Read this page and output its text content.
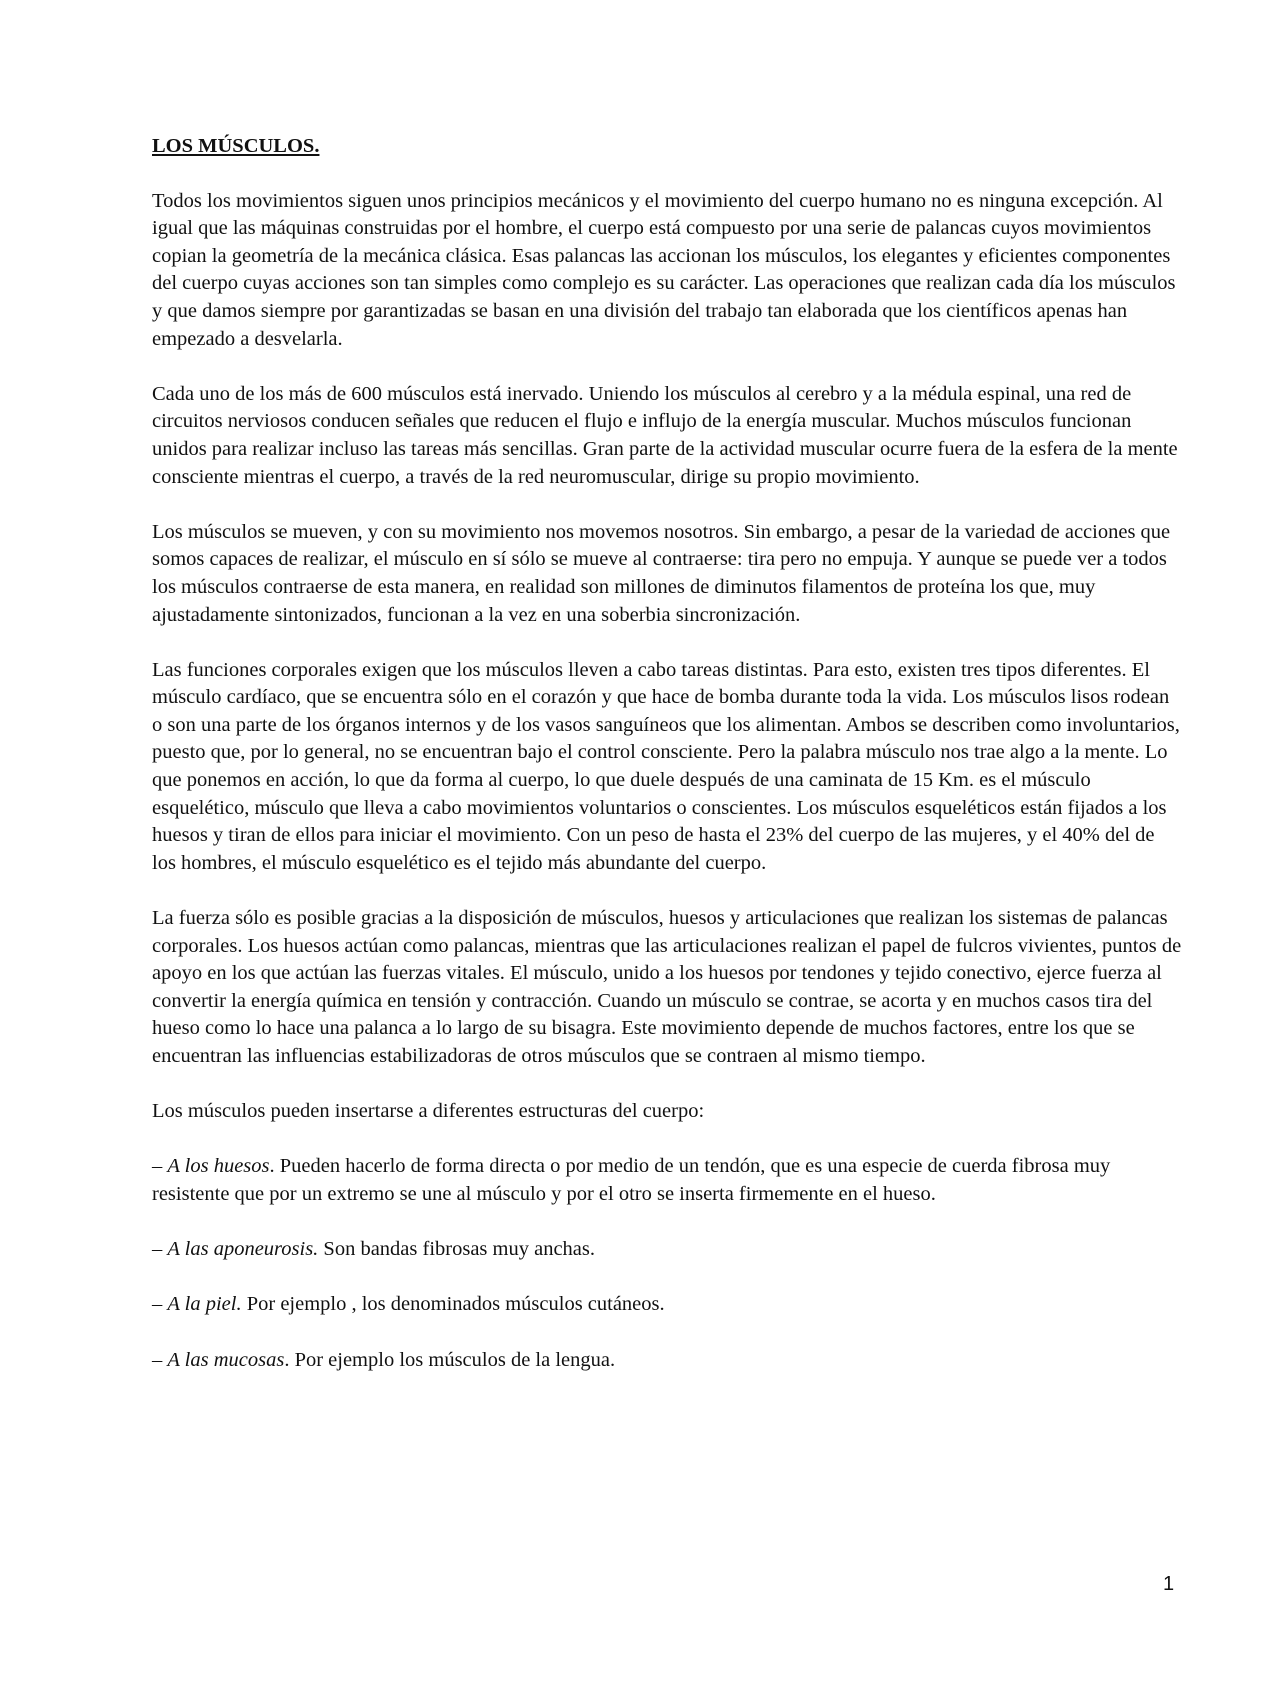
LOS MÚSCULOS.

Todos los movimientos siguen unos principios mecánicos y el movimiento del cuerpo humano no es ninguna excepción. Al igual que las máquinas construidas por el hombre, el cuerpo está compuesto por una serie de palancas cuyos movimientos copian la geometría de la mecánica clásica. Esas palancas las accionan los músculos, los elegantes y eficientes componentes del cuerpo cuyas acciones son tan simples como complejo es su carácter. Las operaciones que realizan cada día los músculos y que damos siempre por garantizadas se basan en una división del trabajo tan elaborada que los científicos apenas han empezado a desvelarla.

Cada uno de los más de 600 músculos está inervado. Uniendo los músculos al cerebro y a la médula espinal, una red de circuitos nerviosos conducen señales que reducen el flujo e influjo de la energía muscular. Muchos músculos funcionan unidos para realizar incluso las tareas más sencillas. Gran parte de la actividad muscular ocurre fuera de la esfera de la mente consciente mientras el cuerpo, a través de la red neuromuscular, dirige su propio movimiento.

Los músculos se mueven, y con su movimiento nos movemos nosotros. Sin embargo, a pesar de la variedad de acciones que somos capaces de realizar, el músculo en sí sólo se mueve al contraerse: tira pero no empuja. Y aunque se puede ver a todos los músculos contraerse de esta manera, en realidad son millones de diminutos filamentos de proteína los que, muy ajustadamente sintonizados, funcionan a la vez en una soberbia sincronización.

Las funciones corporales exigen que los músculos lleven a cabo tareas distintas. Para esto, existen tres tipos diferentes. El músculo cardíaco, que se encuentra sólo en el corazón y que hace de bomba durante toda la vida. Los músculos lisos rodean o son una parte de los órganos internos y de los vasos sanguíneos que los alimentan. Ambos se describen como involuntarios, puesto que, por lo general, no se encuentran bajo el control consciente. Pero la palabra músculo nos trae algo a la mente. Lo que ponemos en acción, lo que da forma al cuerpo, lo que duele después de una caminata de 15 Km. es el músculo esquelético, músculo que lleva a cabo movimientos voluntarios o conscientes. Los músculos esqueléticos están fijados a los huesos y tiran de ellos para iniciar el movimiento. Con un peso de hasta el 23% del cuerpo de las mujeres, y el 40% del de los hombres, el músculo esquelético es el tejido más abundante del cuerpo.

La fuerza sólo es posible gracias a la disposición de músculos, huesos y articulaciones que realizan los sistemas de palancas corporales. Los huesos actúan como palancas, mientras que las articulaciones realizan el papel de fulcros vivientes, puntos de apoyo en los que actúan las fuerzas vitales. El músculo, unido a los huesos por tendones y tejido conectivo, ejerce fuerza al convertir la energía química en tensión y contracción. Cuando un músculo se contrae, se acorta y en muchos casos tira del hueso como lo hace una palanca a lo largo de su bisagra. Este movimiento depende de muchos factores, entre los que se encuentran las influencias estabilizadoras de otros músculos que se contraen al mismo tiempo.

Los músculos pueden insertarse a diferentes estructuras del cuerpo:

– A los huesos. Pueden hacerlo de forma directa o por medio de un tendón, que es una especie de cuerda fibrosa muy resistente que por un extremo se une al músculo y por el otro se inserta firmemente en el hueso.

– A las aponeurosis. Son bandas fibrosas muy anchas.

– A la piel. Por ejemplo , los denominados músculos cutáneos.

– A las mucosas. Por ejemplo los músculos de la lengua.

1
